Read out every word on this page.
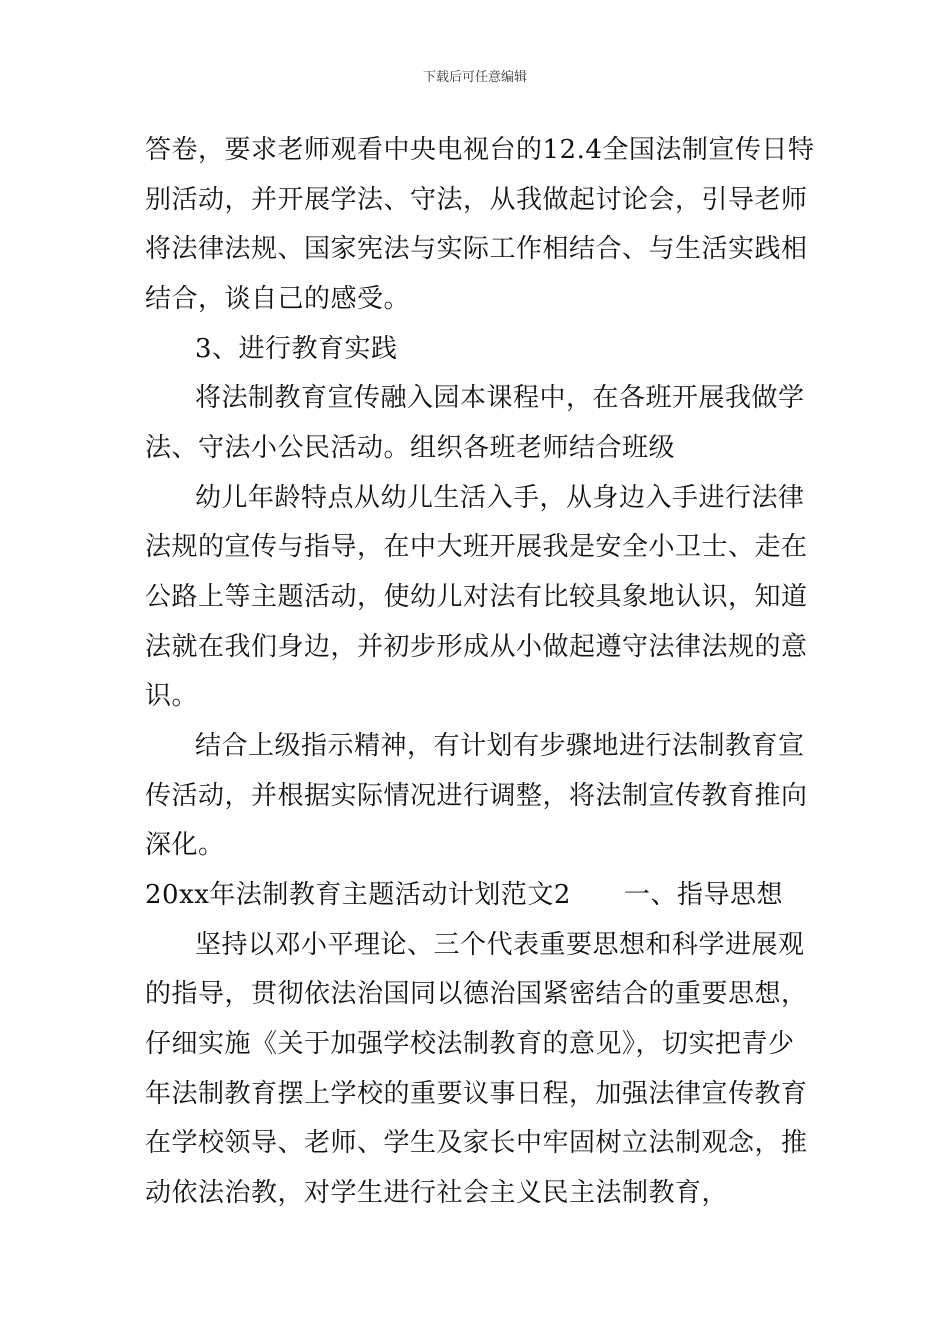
下载后可任意编辑
答卷，要求老师观看中央电视台的12.4全国法制宣传日特
别活动，并开展学法、守法，从我做起讨论会，引导老师
将法律法规、国家宪法与实际工作相结合、与生活实践相
结合，谈自己的感受。
3、进行教育实践
将法制教育宣传融入园本课程中，在各班开展我做学
法、守法小公民活动。组织各班老师结合班级
幼儿年龄特点从幼儿生活入手，从身边入手进行法律
法规的宣传与指导，在中大班开展我是安全小卫士、走在
公路上等主题活动，使幼儿对法有比较具象地认识，知道
法就在我们身边，并初步形成从小做起遵守法律法规的意
识。
结合上级指示精神，有计划有步骤地进行法制教育宣
传活动，并根据实际情况进行调整，将法制宣传教育推向
深化。
20xx年法制教育主题活动计划范文2　　一、指导思想
坚持以邓小平理论、三个代表重要思想和科学进展观
的指导，贯彻依法治国同以德治国紧密结合的重要思想，
仔细实施《关于加强学校法制教育的意见》，切实把青少
年法制教育摆上学校的重要议事日程，加强法律宣传教育
在学校领导、老师、学生及家长中牢固树立法制观念，推
动依法治教，对学生进行社会主义民主法制教育，
